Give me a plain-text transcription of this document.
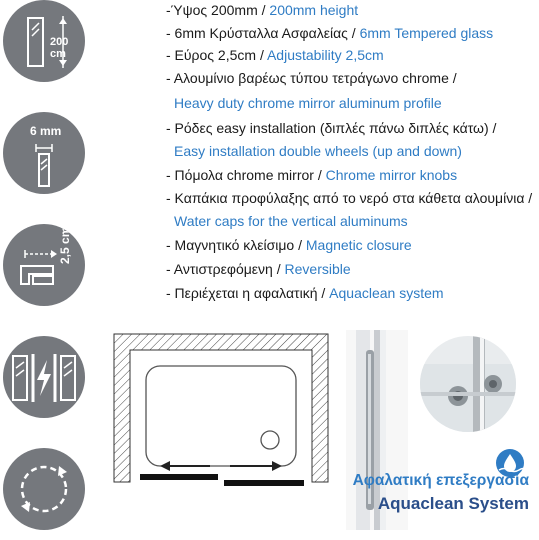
200 cm
6 mm
2,5 cm
-Ύψος 200mm / 200mm height
- 6mm Κρύσταλλα Ασφαλείας / 6mm Tempered glass
- Εύρος 2,5cm / Adjustability 2,5cm
- Αλουμίνιο βαρέως τύπου τετράγωνο chrome /
Heavy duty chrome mirror aluminum profile
- Ρόδες easy installation (διπλές πάνω διπλές κάτω) /
Easy installation double wheels (up and down)
- Πόμολα chrome mirror / Chrome mirror knobs
- Καπάκια προφύλαξης από το νερό στα κάθετα αλουμίνια /
Water caps for the vertical aluminums
- Μαγνητικό κλείσιμο / Magnetic closure
- Αντιστρεφόμενη / Reversible
- Περιέχεται η αφαλατική / Aquaclean system
Αφαλατική επεξεργασία
Aquaclean System
